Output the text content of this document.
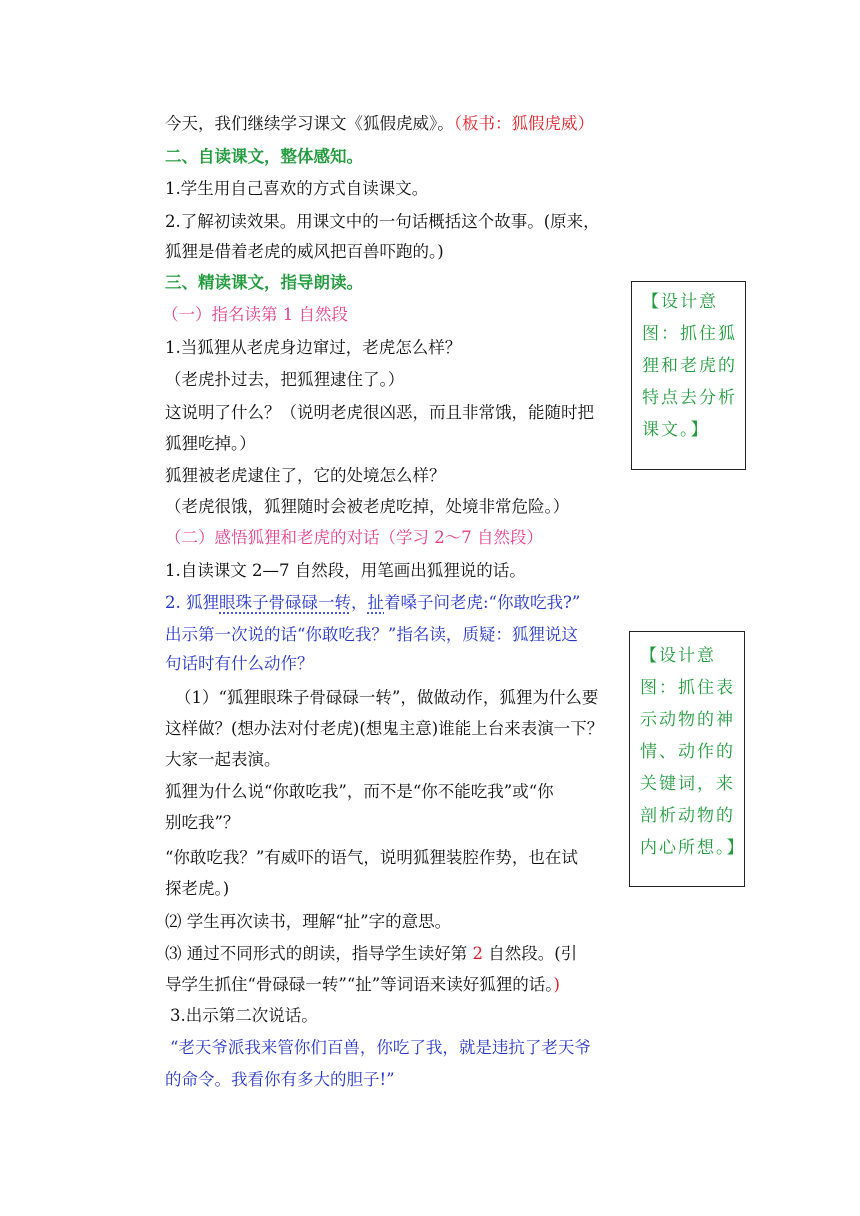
今天，我们继续学习课文《狐假虎威》。（板书：狐假虎威）
二、自读课文，整体感知。
1.学生用自己喜欢的方式自读课文。
2.了解初读效果。用课文中的一句话概括这个故事。(原来，
狐狸是借着老虎的威风把百兽吓跑的。)
三、精读课文，指导朗读。
（一）指名读第 1 自然段
1.当狐狸从老虎身边窜过，老虎怎么样？
（老虎扑过去，把狐狸逮住了。）
这说明了什么？（说明老虎很凶恶，而且非常饿，能随时把
狐狸吃掉。）
狐狸被老虎逮住了，它的处境怎么样？
（老虎很饿，狐狸随时会被老虎吃掉，处境非常危险。）
（二）感悟狐狸和老虎的对话（学习 2～7 自然段）
1.自读课文 2—7 自然段，用笔画出狐狸说的话。
2. 狐狸眼珠子骨碌碌一转，扯着嗓子问老虎:“你敢吃我?”
出示第一次说的话“你敢吃我？”指名读，质疑：狐狸说这
句话时有什么动作？
（1）“狐狸眼珠子骨碌碌一转”，做做动作，狐狸为什么要
这样做？(想办法对付老虎)(想鬼主意)谁能上台来表演一下？
大家一起表演。
狐狸为什么说“你敢吃我”，而不是“你不能吃我”或“你
别吃我”？
“你敢吃我？”有威吓的语气，说明狐狸装腔作势，也在试
探老虎。)
⑵ 学生再次读书，理解“扯”字的意思。
⑶ 通过不同形式的朗读，指导学生读好第 2 自然段。(引
导学生抓住“骨碌碌一转”“扯”等词语来读好狐狸的话。)
3.出示第二次说话。
“老天爷派我来管你们百兽，你吃了我，就是违抗了老天爷
的命令。我看你有多大的胆子!”
【设计意
图：抓住狐
狸和老虎的
特点去分析
课文。】
【设计意
图：抓住表
示动物的神
情、动作的
关键词，来
剖析动物的
内心所想。】
